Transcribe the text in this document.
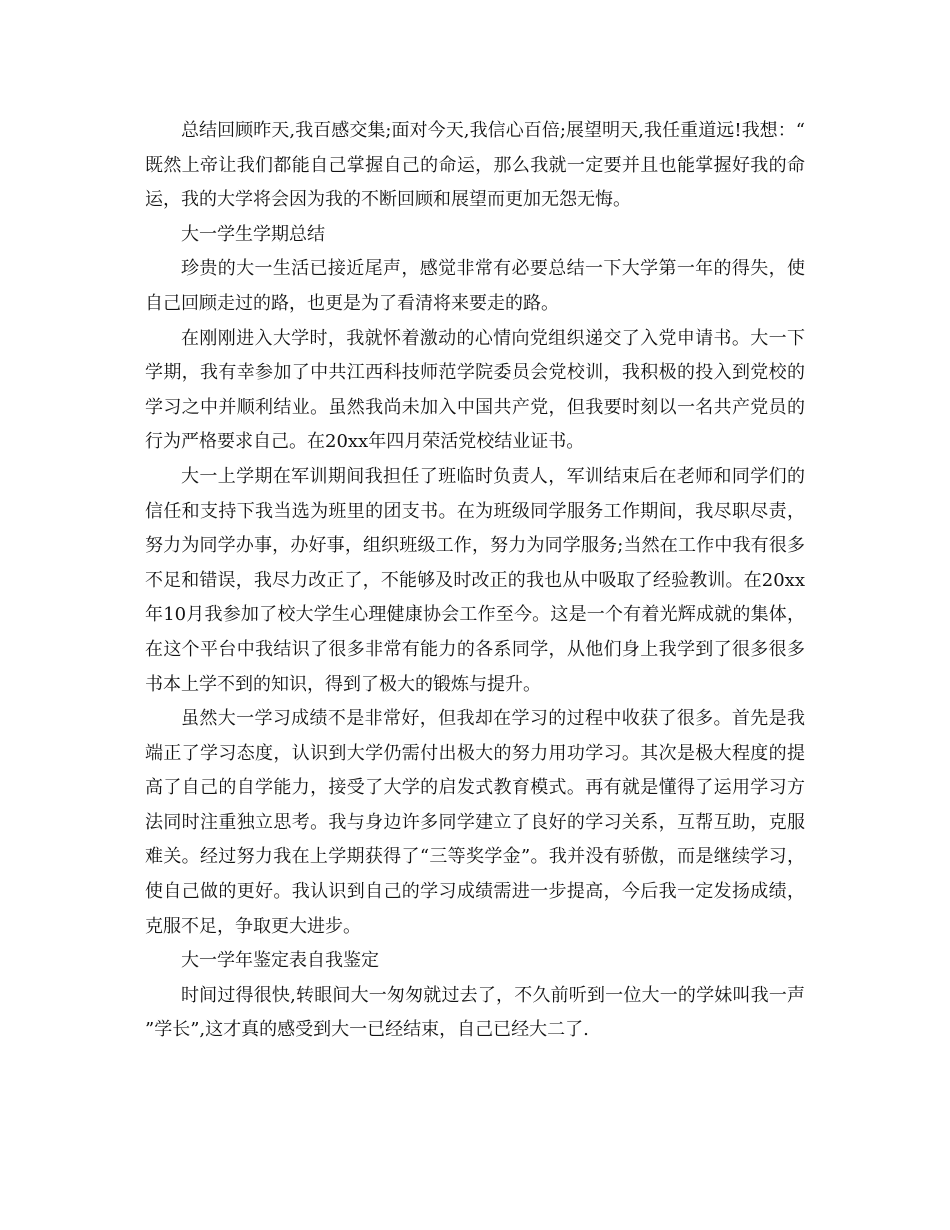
总结回顾昨天,我百感交集;面对今天,我信心百倍;展望明天,我任重道远!我想：“既然上帝让我们都能自己掌握自己的命运，那么我就一定要并且也能掌握好我的命运，我的大学将会因为我的不断回顾和展望而更加无怨无悔。

大一学生学期总结

珍贵的大一生活已接近尾声，感觉非常有必要总结一下大学第一年的得失，使自己回顾走过的路，也更是为了看清将来要走的路。

在刚刚进入大学时，我就怀着激动的心情向党组织递交了入党申请书。大一下学期，我有幸参加了中共江西科技师范学院委员会党校训，我积极的投入到党校的学习之中并顺利结业。虽然我尚未加入中国共产党，但我要时刻以一名共产党员的行为严格要求自己。在20xx年四月荣活党校结业证书。

大一上学期在军训期间我担任了班临时负责人，军训结束后在老师和同学们的信任和支持下我当选为班里的团支书。在为班级同学服务工作期间，我尽职尽责，努力为同学办事，办好事，组织班级工作，努力为同学服务;当然在工作中我有很多不足和错误，我尽力改正了，不能够及时改正的我也从中吸取了经验教训。在20xx年10月我参加了校大学生心理健康协会工作至今。这是一个有着光辉成就的集体，在这个平台中我结识了很多非常有能力的各系同学，从他们身上我学到了很多很多书本上学不到的知识，得到了极大的锻炼与提升。

虽然大一学习成绩不是非常好，但我却在学习的过程中收获了很多。首先是我端正了学习态度，认识到大学仍需付出极大的努力用功学习。其次是极大程度的提高了自己的自学能力，接受了大学的启发式教育模式。再有就是懂得了运用学习方法同时注重独立思考。我与身边许多同学建立了良好的学习关系，互帮互助，克服难关。经过努力我在上学期获得了“三等奖学金”。我并没有骄傲，而是继续学习，使自己做的更好。我认识到自己的学习成绩需进一步提高，今后我一定发扬成绩，克服不足，争取更大进步。

大一学年鉴定表自我鉴定

时间过得很快,转眼间大一匆匆就过去了，不久前听到一位大一的学妹叫我一声”学长”,这才真的感受到大一已经结束，自己已经大二了.
